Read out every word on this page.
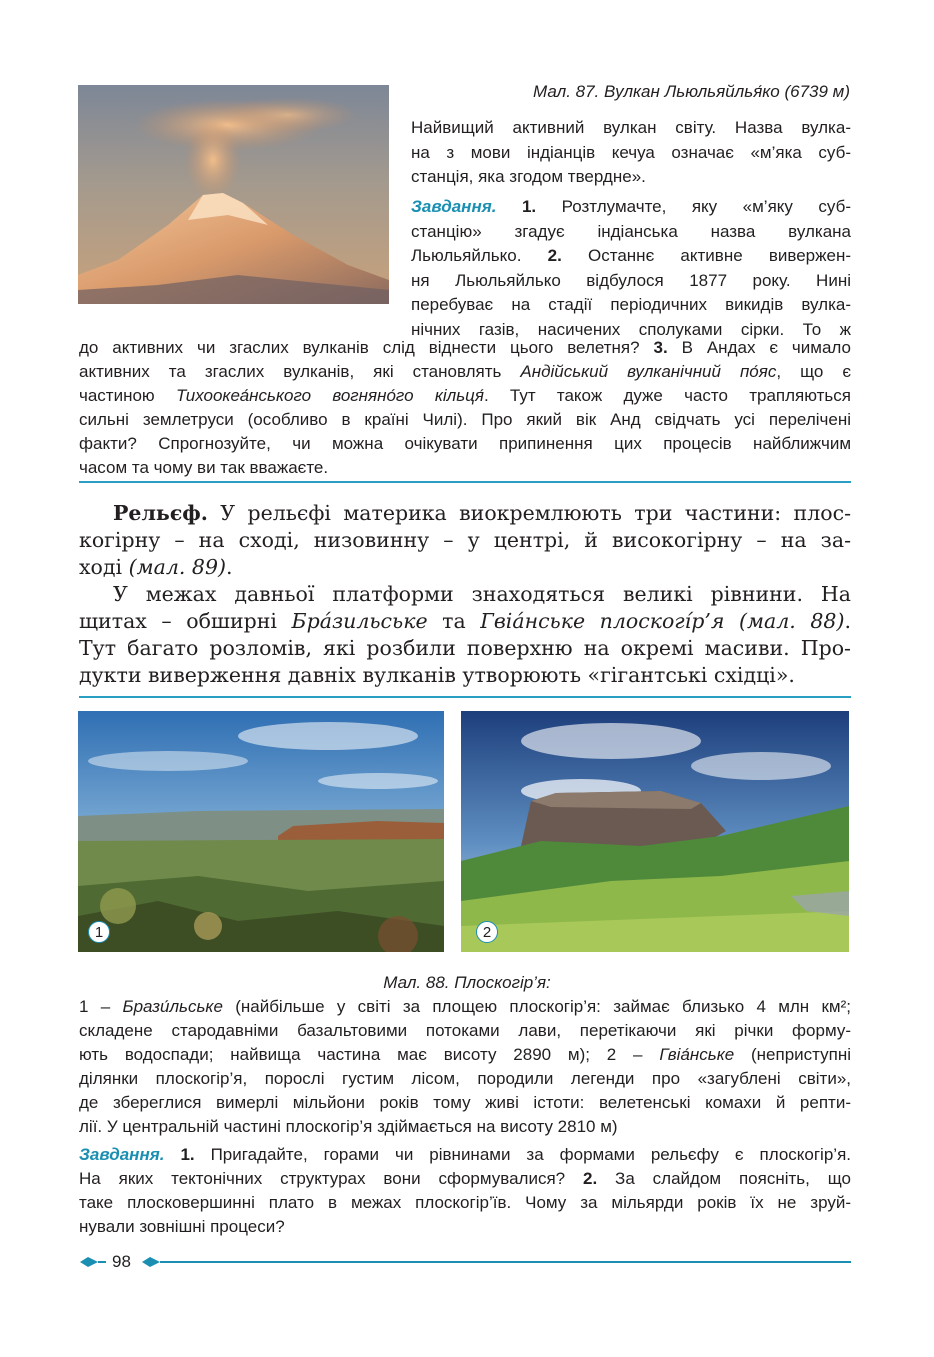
Мал. 87. Вулкан Льюльяйлья́ко (6739 м)
Найвищий активний вулкан світу. Назва вулка-
на з мови індіанців кечуа означає «м’яка суб-
станція, яка згодом твердне».
Завдання. 1. Розтлумачте, яку «м’яку суб-
станцію» згадує індіанська назва вулкана
Льюльяйлько. 2. Останнє активне вивержен-
ня Льюльяйлько відбулося 1877 року. Нині
перебуває на стадії періодичних викидів вулка-
нічних газів, насичених сполуками сірки. То ж
до активних чи згаслих вулканів слід віднести цього велетня? 3. В Андах є чимало
активних та згаслих вулканів, які становлять Андійський вулканічний по́яс, що є
частиною Тихоокеа́нського вогняно́го кільця́. Тут також дуже часто трапляються
сильні землетруси (особливо в країні Чилі). Про який вік Анд свідчать усі перелічені
факти? Спрогнозуйте, чи можна очікувати припинення цих процесів найближчим
часом та чому ви так вважаєте.
Рельєф. У рельєфі материка виокремлюють три частини: плос-
когірну – на сході, низовинну – у центрі, й високогірну – на за-
ході (мал. 89).
У межах давньої платформи знаходяться великі рівнини. На
щитах – обширні Бра́зильське та Гвіа́нське плоскогі́р’я (мал. 88).
Тут багато розломів, які розбили поверхню на окремі масиви. Про-
дукти виверження давніх вулканів утворюють «гігантські східці».
1	2
Мал. 88. Плоскогір’я:
1 – Брази́льське (найбільше у світі за площею плоскогір’я: займає близько 4 млн км²;
складене стародавніми базальтовими потоками лави, перетікаючи які річки форму-
ють водоспади; найвища частина має висоту 2890 м); 2 – Гвіа́нське (неприступні
ділянки плоскогір’я, порослі густим лісом, породили легенди про «загублені світи»,
де збереглися вимерлі мільйони років тому живі істоти: велетенські комахи й репти-
лії. У центральній частині плоскогір’я здіймається на висоту 2810 м)
Завдання. 1. Пригадайте, горами чи рівнинами за формами рельєфу є плоскогір’я.
На яких тектонічних структурах вони сформувалися? 2. За слайдом поясніть, що
таке плосковершинні плато в межах плоскогір’їв. Чому за мільярди років їх не зруй-
нували зовнішні процеси?
98
